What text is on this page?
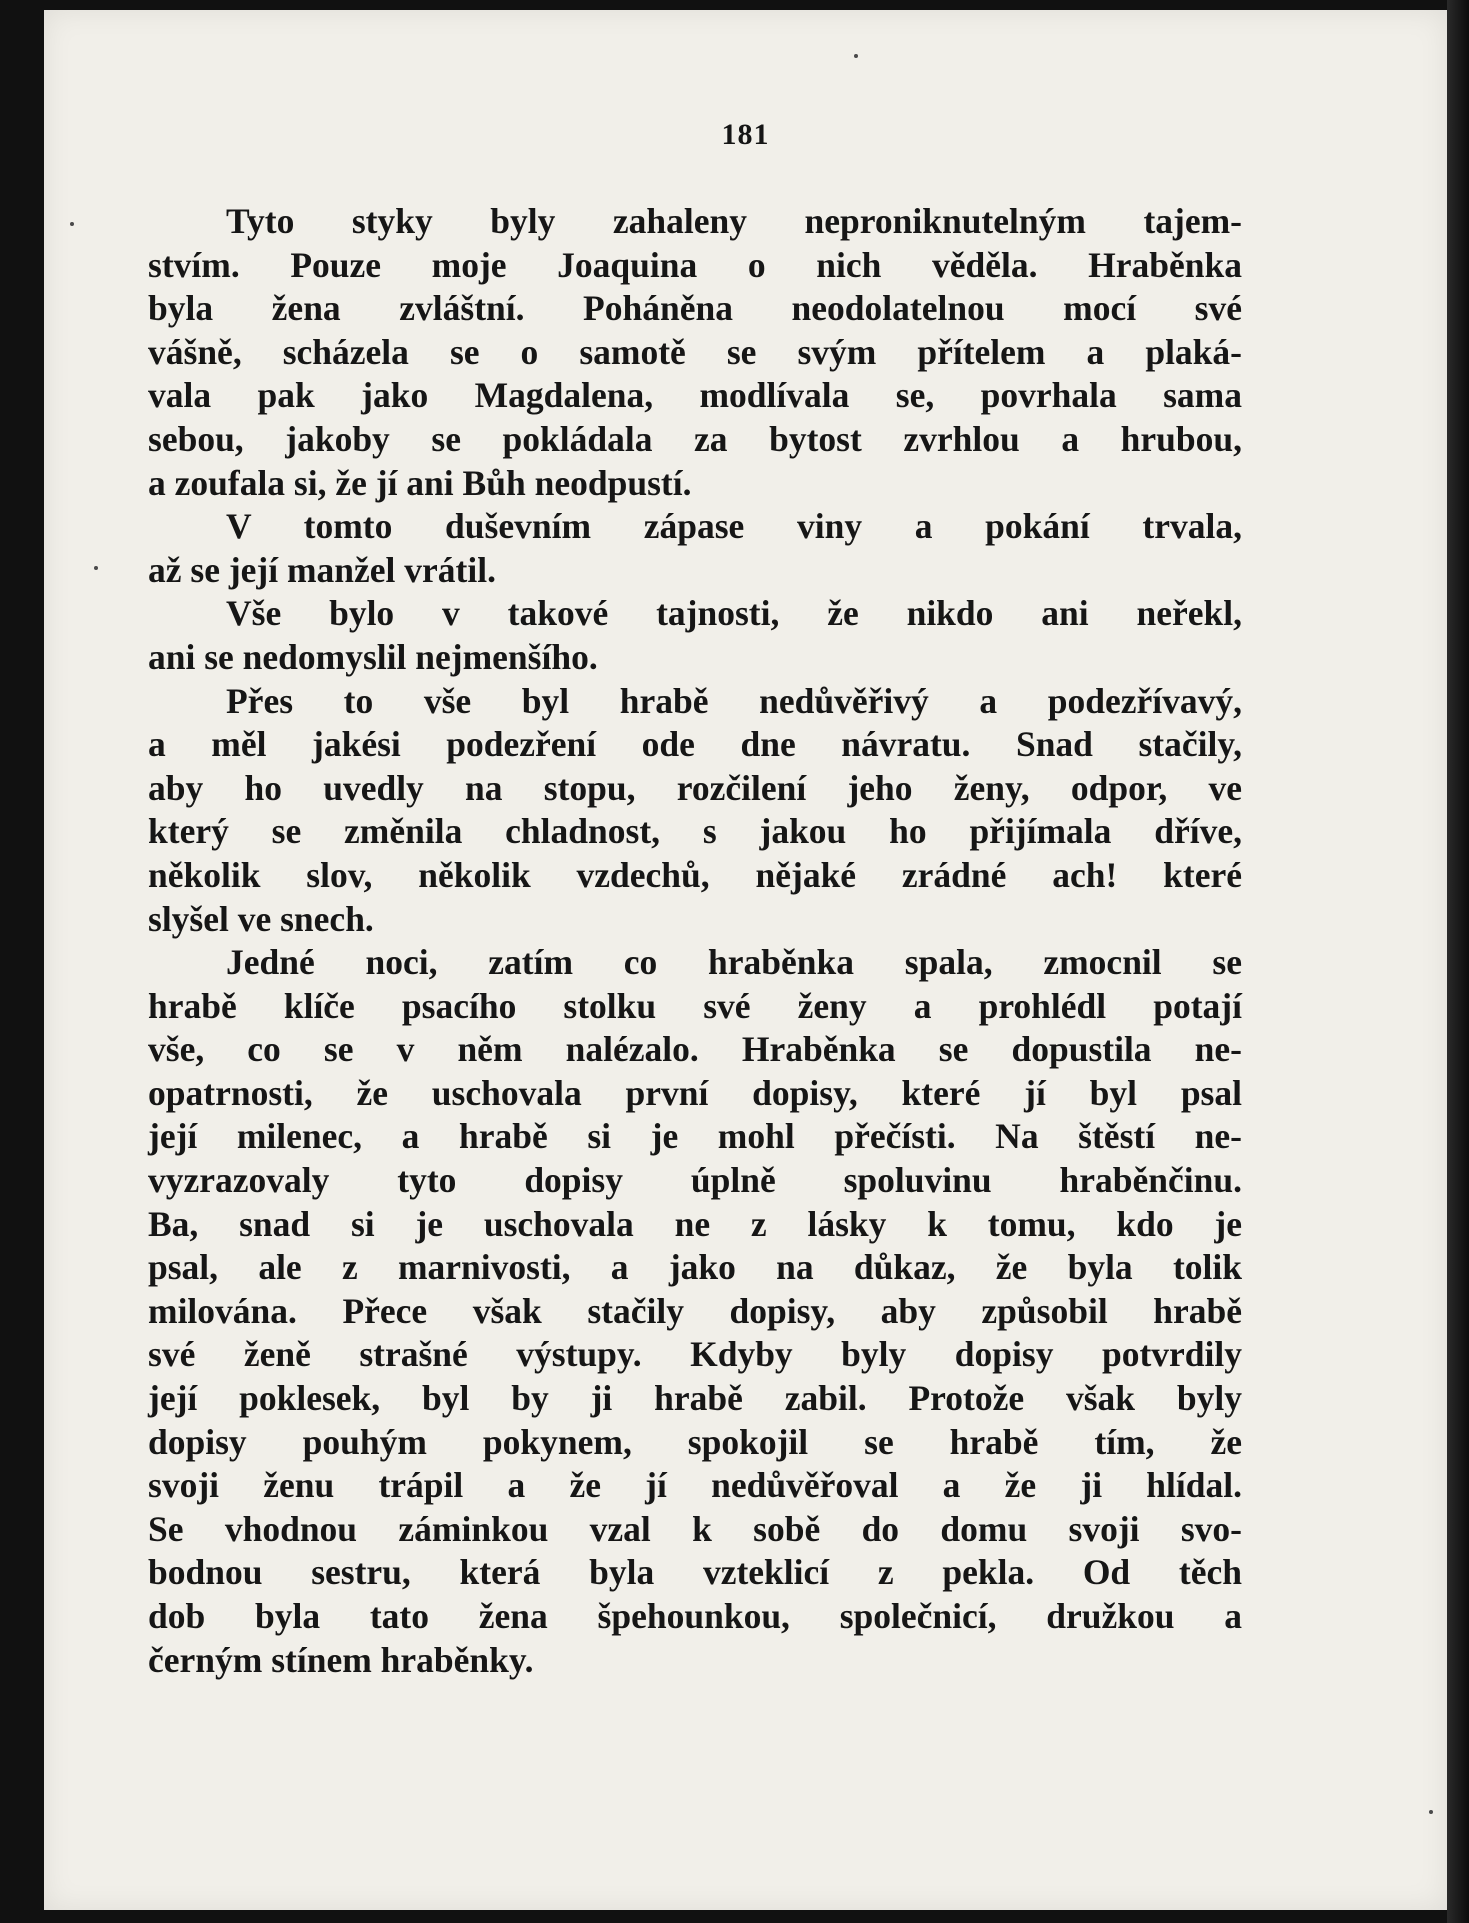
181
Tyto styky byly zahaleny neproniknutelným tajem-
stvím. Pouze moje Joaquina o nich věděla. Hraběnka
byla žena zvláštní. Poháněna neodolatelnou mocí své
vášně, scházela se o samotě se svým přítelem a plaká-
vala pak jako Magdalena, modlívala se, povrhala sama
sebou, jakoby se pokládala za bytost zvrhlou a hrubou,
a zoufala si, že jí ani Bůh neodpustí.
V tomto duševním zápase viny a pokání trvala,
až se její manžel vrátil.
Vše bylo v takové tajnosti, že nikdo ani neřekl,
ani se nedomyslil nejmenšího.
Přes to vše byl hrabě nedůvěřivý a podezřívavý,
a měl jakési podezření ode dne návratu. Snad stačily,
aby ho uvedly na stopu, rozčilení jeho ženy, odpor, ve
který se změnila chladnost, s jakou ho přijímala dříve,
několik slov, několik vzdechů, nějaké zrádné ach! které
slyšel ve snech.
Jedné noci, zatím co hraběnka spala, zmocnil se
hrabě klíče psacího stolku své ženy a prohlédl potají
vše, co se v něm nalézalo. Hraběnka se dopustila ne-
opatrnosti, že uschovala první dopisy, které jí byl psal
její milenec, a hrabě si je mohl přečísti. Na štěstí ne-
vyzrazovaly tyto dopisy úplně spoluvinu hraběnčinu.
Ba, snad si je uschovala ne z lásky k tomu, kdo je
psal, ale z marnivosti, a jako na důkaz, že byla tolik
milována. Přece však stačily dopisy, aby způsobil hrabě
své ženě strašné výstupy. Kdyby byly dopisy potvrdily
její poklesek, byl by ji hrabě zabil. Protože však byly
dopisy pouhým pokynem, spokojil se hrabě tím, že
svoji ženu trápil a že jí nedůvěřoval a že ji hlídal.
Se vhodnou záminkou vzal k sobě do domu svoji svo-
bodnou sestru, která byla vzteklicí z pekla. Od těch
dob byla tato žena špehounkou, společnicí, družkou a
černým stínem hraběnky.
